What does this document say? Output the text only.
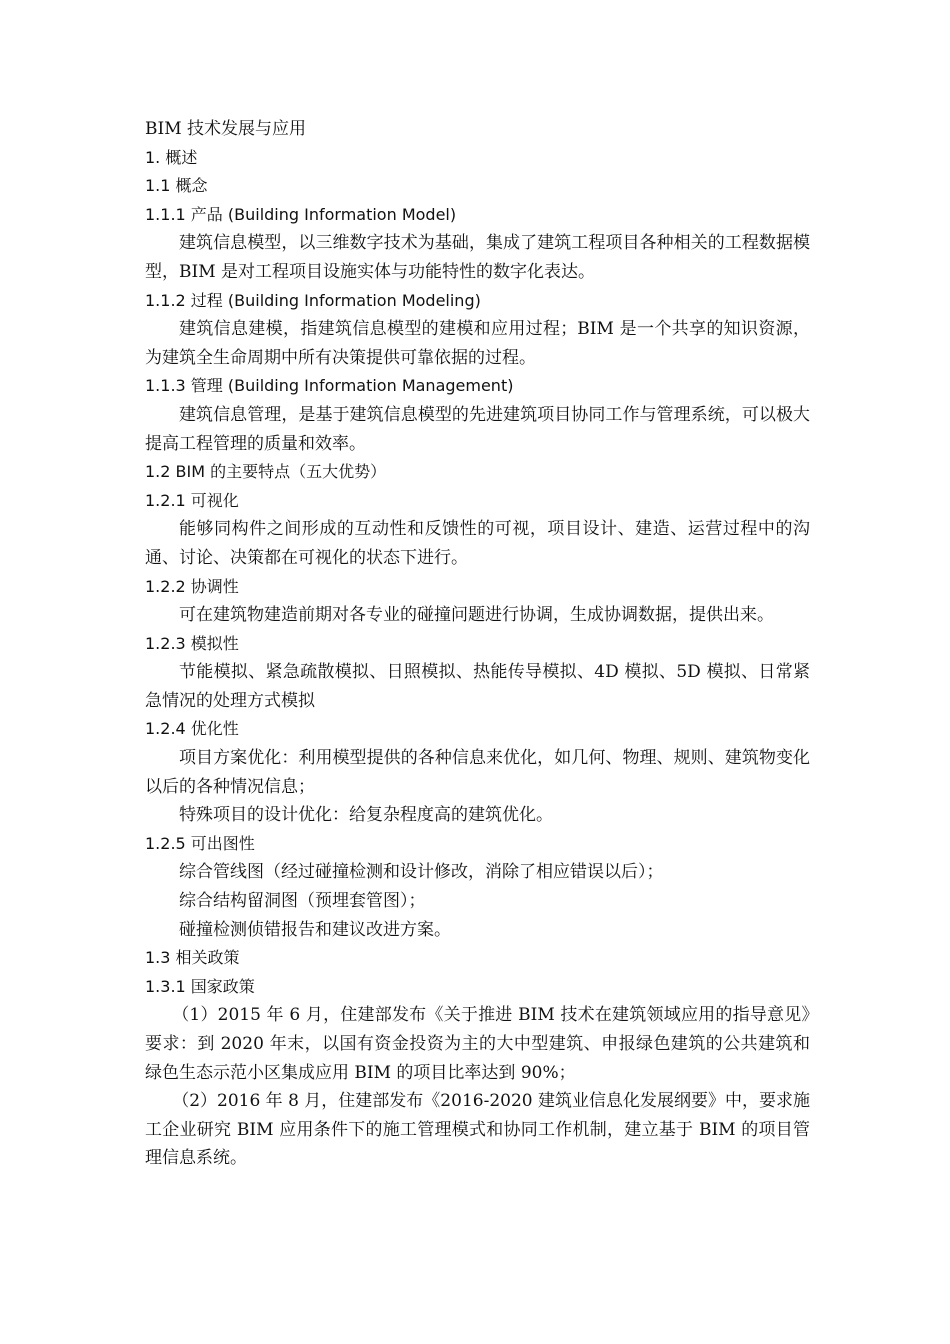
BIM 技术发展与应用
1. 概述
1.1 概念
1.1.1 产品 (Building Information Model)
建筑信息模型，以三维数字技术为基础，集成了建筑工程项目各种相关的工程数据模型，BIM 是对工程项目设施实体与功能特性的数字化表达。
1.1.2 过程 (Building Information Modeling)
建筑信息建模，指建筑信息模型的建模和应用过程；BIM 是一个共享的知识资源，为建筑全生命周期中所有决策提供可靠依据的过程。
1.1.3 管理 (Building Information Management)
建筑信息管理，是基于建筑信息模型的先进建筑项目协同工作与管理系统，可以极大提高工程管理的质量和效率。
1.2 BIM 的主要特点（五大优势）
1.2.1 可视化
能够同构件之间形成的互动性和反馈性的可视，项目设计、建造、运营过程中的沟通、讨论、决策都在可视化的状态下进行。
1.2.2 协调性
可在建筑物建造前期对各专业的碰撞问题进行协调，生成协调数据，提供出来。
1.2.3 模拟性
节能模拟、紧急疏散模拟、日照模拟、热能传导模拟、4D 模拟、5D 模拟、日常紧急情况的处理方式模拟
1.2.4 优化性
项目方案优化：利用模型提供的各种信息来优化，如几何、物理、规则、建筑物变化以后的各种情况信息；
特殊项目的设计优化：给复杂程度高的建筑优化。
1.2.5 可出图性
综合管线图（经过碰撞检测和设计修改，消除了相应错误以后）；
综合结构留洞图（预埋套管图）；
碰撞检测侦错报告和建议改进方案。
1.3 相关政策
1.3.1 国家政策
（1）2015 年 6 月，住建部发布《关于推进 BIM 技术在建筑领域应用的指导意见》要求：到 2020 年末，以国有资金投资为主的大中型建筑、申报绿色建筑的公共建筑和绿色生态示范小区集成应用 BIM 的项目比率达到 90%；
（2）2016 年 8 月，住建部发布《2016-2020 建筑业信息化发展纲要》中，要求施工企业研究 BIM 应用条件下的施工管理模式和协同工作机制，建立基于 BIM 的项目管理信息系统。
